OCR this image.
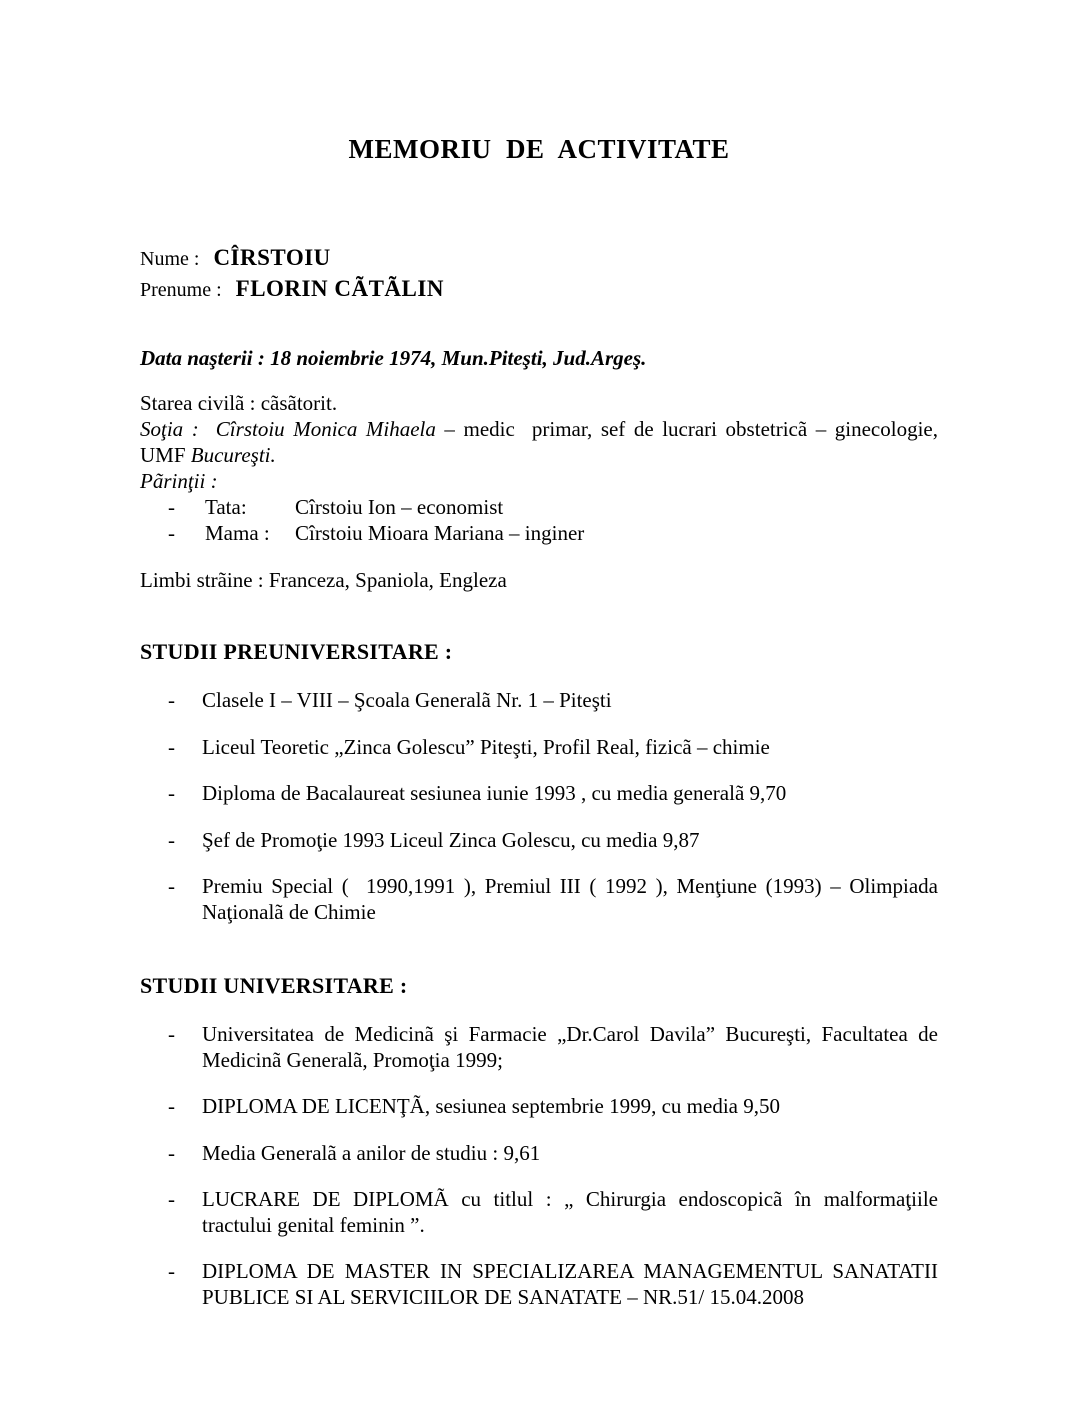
MEMORIU  DE  ACTIVITATE

Nume : CÎRSTOIU

Prenume : FLORIN CÃTÃLIN

Data naşterii : 18 noiembrie 1974, Mun.Piteşti, Jud.Argeş.

Starea civilã : cãsãtorit.

Soţia :  Cîrstoiu Monica Mihaela – medic  primar, sef de lucrari obstetricã – ginecologie, UMF Bucureşti.

Pãrinţii :

- Tata: Cîrstoiu Ion – economist

- Mama : Cîrstoiu Mioara Mariana – inginer

Limbi strãine : Franceza, Spaniola, Engleza

STUDII PREUNIVERSITARE :

- Clasele I – VIII – Şcoala Generalã Nr. 1 – Piteşti

- Liceul Teoretic „Zinca Golescu” Piteşti, Profil Real, fizicã – chimie

- Diploma de Bacalaureat sesiunea iunie 1993 , cu media generalã 9,70

- Şef de Promoţie 1993 Liceul Zinca Golescu, cu media 9,87

- Premiu Special (  1990,1991 ), Premiul III ( 1992 ), Menţiune (1993) – Olimpiada Naţionalã de Chimie

STUDII UNIVERSITARE :

- Universitatea de Medicinã şi Farmacie „Dr.Carol Davila” Bucureşti, Facultatea de Medicinã Generalã, Promoţia 1999;

- DIPLOMA DE LICENŢÃ, sesiunea septembrie 1999, cu media 9,50

- Media Generalã a anilor de studiu : 9,61

- LUCRARE DE DIPLOMÃ cu titlul : „ Chirurgia endoscopicã în malformaţiile tractului genital feminin ”.

- DIPLOMA DE MASTER IN SPECIALIZAREA MANAGEMENTUL SANATATII PUBLICE SI AL SERVICIILOR DE SANATATE – NR.51/ 15.04.2008
